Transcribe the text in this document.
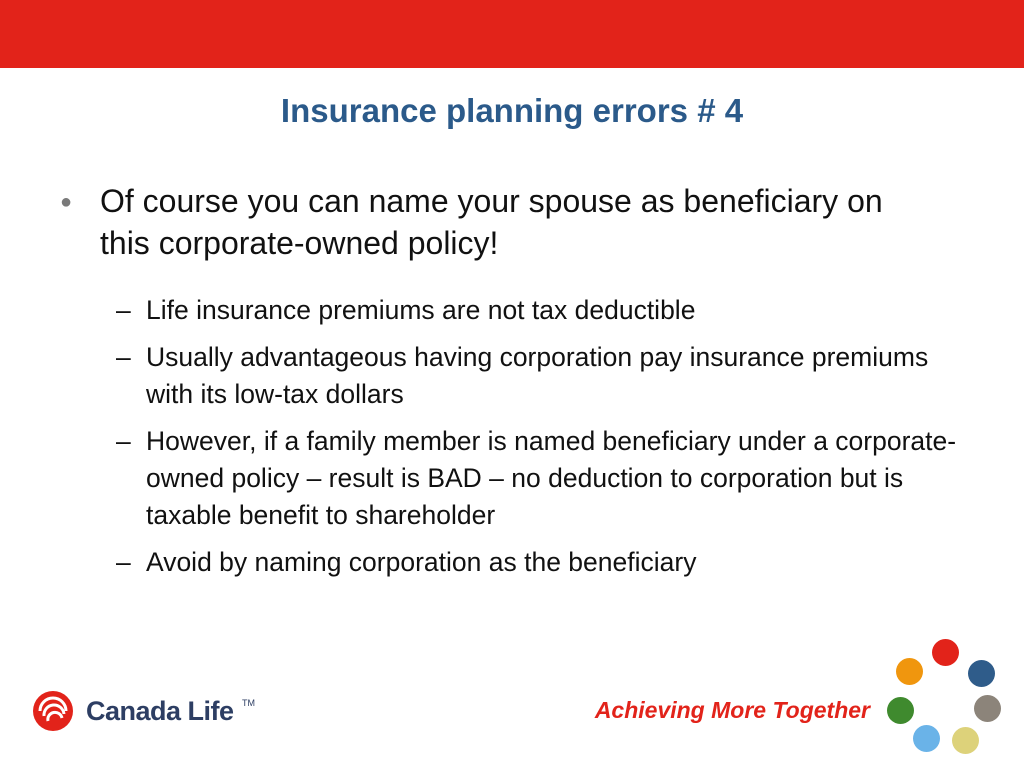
Insurance planning errors # 4
● Of course you can name your spouse as beneficiary on this corporate-owned policy!
– Life insurance premiums are not tax deductible
– Usually advantageous having corporation pay insurance premiums with its low-tax dollars
– However, if a family member is named beneficiary under a corporate-owned policy – result is BAD – no deduction to corporation but is taxable benefit to shareholder
– Avoid by naming corporation as the beneficiary
Canada Life TM	Achieving More Together
